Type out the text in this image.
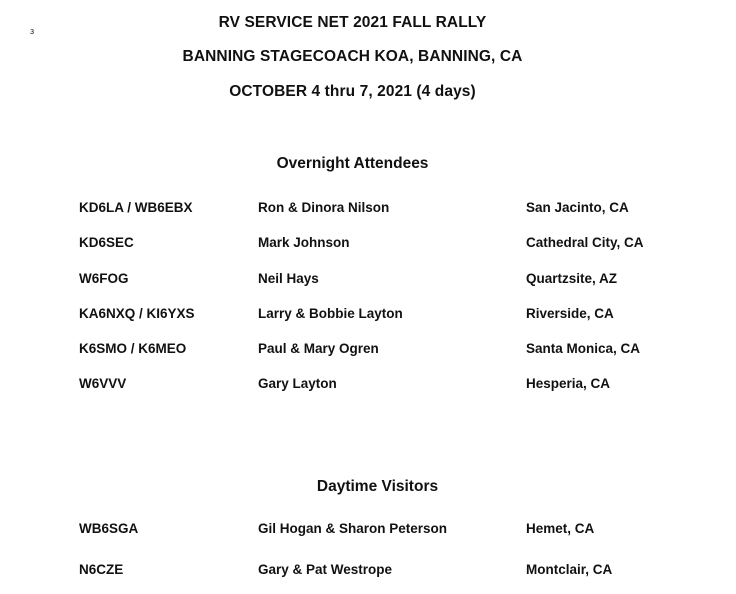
з	RV SERVICE NET 2021 FALL RALLY
BANNING STAGECOACH KOA, BANNING, CA
OCTOBER 4 thru 7, 2021 (4 days)
Overnight Attendees
KD6LA / WB6EBX	Ron & Dinora Nilson	San Jacinto, CA
KD6SEC	Mark Johnson	Cathedral City, CA
W6FOG	Neil Hays	Quartzsite, AZ
KA6NXQ / KI6YXS	Larry & Bobbie Layton	Riverside, CA
K6SMO / K6MEO	Paul & Mary Ogren	Santa Monica, CA
W6VVV	Gary Layton	Hesperia, CA
Daytime Visitors
WB6SGA	Gil Hogan & Sharon Peterson	Hemet, CA
N6CZE	Gary & Pat Westrope	Montclair, CA
